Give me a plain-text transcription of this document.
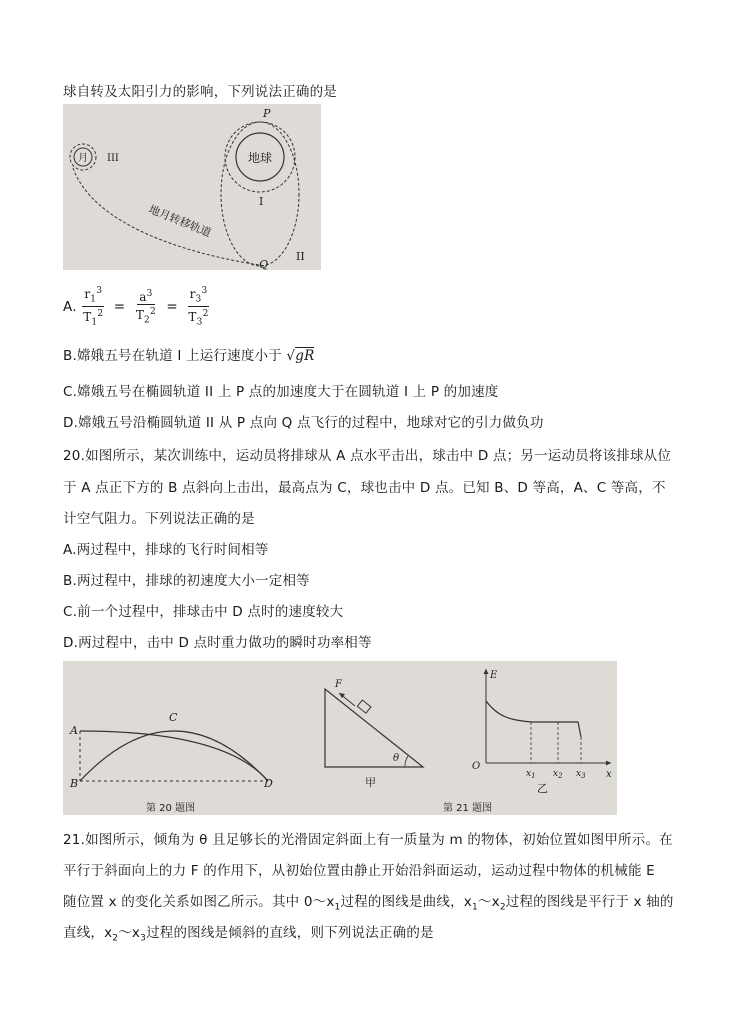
球自转及太阳引力的影响，下列说法正确的是
月 III	地球
P
I
Q
II
地月转移轨道
A. $\frac{r_1^3}{T_1^2} = \frac{a^3}{T_2^2} = \frac{r_3^3}{T_3^2}$
B.嫦娥五号在轨道 I 上运行速度小于 √gR
C.嫦娥五号在椭圆轨道 II 上 P 点的加速度大于在圆轨道 I 上 P 的加速度
D.嫦娥五号沿椭圆轨道 II 从 P 点向 Q 点飞行的过程中，地球对它的引力做负功
20.如图所示，某次训练中，运动员将排球从 A 点水平击出，球击中 D 点；另一运动员将该排球从位
于 A 点正下方的 B 点斜向上击出，最高点为 C，球也击中 D 点。已知 B、D 等高，A、C 等高，不
计空气阻力。下列说法正确的是
A.两过程中，排球的飞行时间相等
B.两过程中，排球的初速度大小一定相等
C.前一个过程中，排球击中 D 点时的速度较大
D.两过程中，击中 D 点时重力做功的瞬时功率相等
A
B
C
D
第 20 题图
F
θ
甲
E
O
x
$x_1$ $x_2$ $x_3$
乙
第 21 题图
21.如图所示，倾角为 θ 且足够长的光滑固定斜面上有一质量为 m 的物体，初始位置如图甲所示。在
平行于斜面向上的力 F 的作用下，从初始位置由静止开始沿斜面运动，运动过程中物体的机械能 E
随位置 x 的变化关系如图乙所示。其中 $0\sim x_1$过程的图线是曲线，$x_1\sim x_2$过程的图线是平行于 x 轴的
直线，$x_2\sim x_3$过程的图线是倾斜的直线，则下列说法正确的是
